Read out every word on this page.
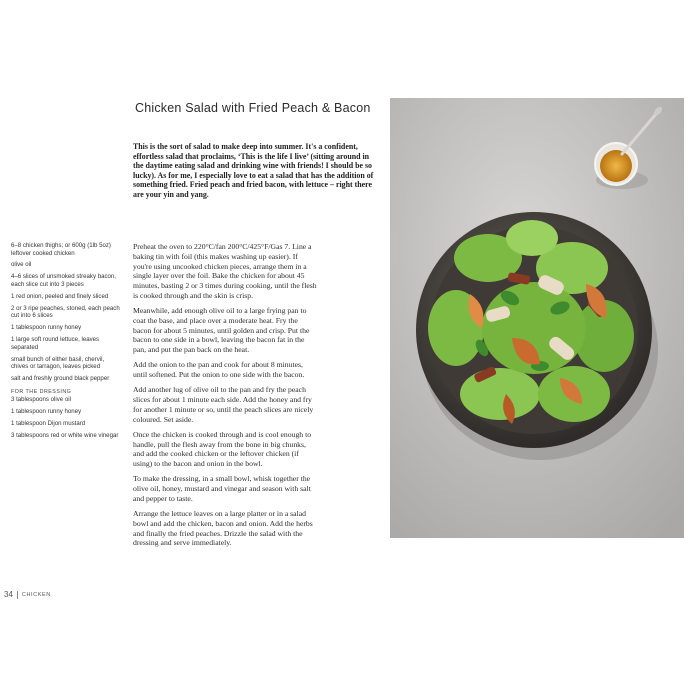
Chicken Salad with Fried Peach & Bacon
This is the sort of salad to make deep into summer. It's a confident, effortless salad that proclaims, ‘This is the life I live’ (sitting around in the daytime eating salad and drinking wine with friends! I should be so lucky). As for me, I especially love to eat a salad that has the addition of something fried. Fried peach and fried bacon, with lettuce – right there are your yin and yang.
6–8 chicken thighs; or 600g (1lb 5oz) leftover cooked chicken
olive oil
4–6 slices of unsmoked streaky bacon, each slice cut into 3 pieces
1 red onion, peeled and finely sliced
2 or 3 ripe peaches, stoned, each peach cut into 6 slices
1 tablespoon runny honey
1 large soft round lettuce, leaves separated
small bunch of either basil, chervil, chives or tarragon, leaves picked
salt and freshly ground black pepper
FOR THE DRESSING
3 tablespoons olive oil
1 tablespoon runny honey
1 tablespoon Dijon mustard
3 tablespoons red or white wine vinegar

Preheat the oven to 220°C/fan 200°C/425°F/Gas 7. Line a baking tin with foil (this makes washing up easier). If you're using uncooked chicken pieces, arrange them in a single layer over the foil. Bake the chicken for about 45 minutes, basting 2 or 3 times during cooking, until the flesh is cooked through and the skin is crisp.

Meanwhile, add enough olive oil to a large frying pan to coat the base, and place over a moderate heat. Fry the bacon for about 5 minutes, until golden and crisp. Put the bacon to one side in a bowl, leaving the bacon fat in the pan, and put the pan back on the heat.

Add the onion to the pan and cook for about 8 minutes, until softened. Put the onion to one side with the bacon.

Add another lug of olive oil to the pan and fry the peach slices for about 1 minute each side. Add the honey and fry for another 1 minute or so, until the peach slices are nicely coloured. Set aside.

Once the chicken is cooked through and is cool enough to handle, pull the flesh away from the bone in big chunks, and add the cooked chicken or the leftover chicken (if using) to the bacon and onion in the bowl.

To make the dressing, in a small bowl, whisk together the olive oil, honey, mustard and vinegar and season with salt and pepper to taste.

Arrange the lettuce leaves on a large platter or in a salad bowl and add the chicken, bacon and onion. Add the herbs and finally the fried peaches. Drizzle the salad with the dressing and serve immediately.

34 CHICKEN
